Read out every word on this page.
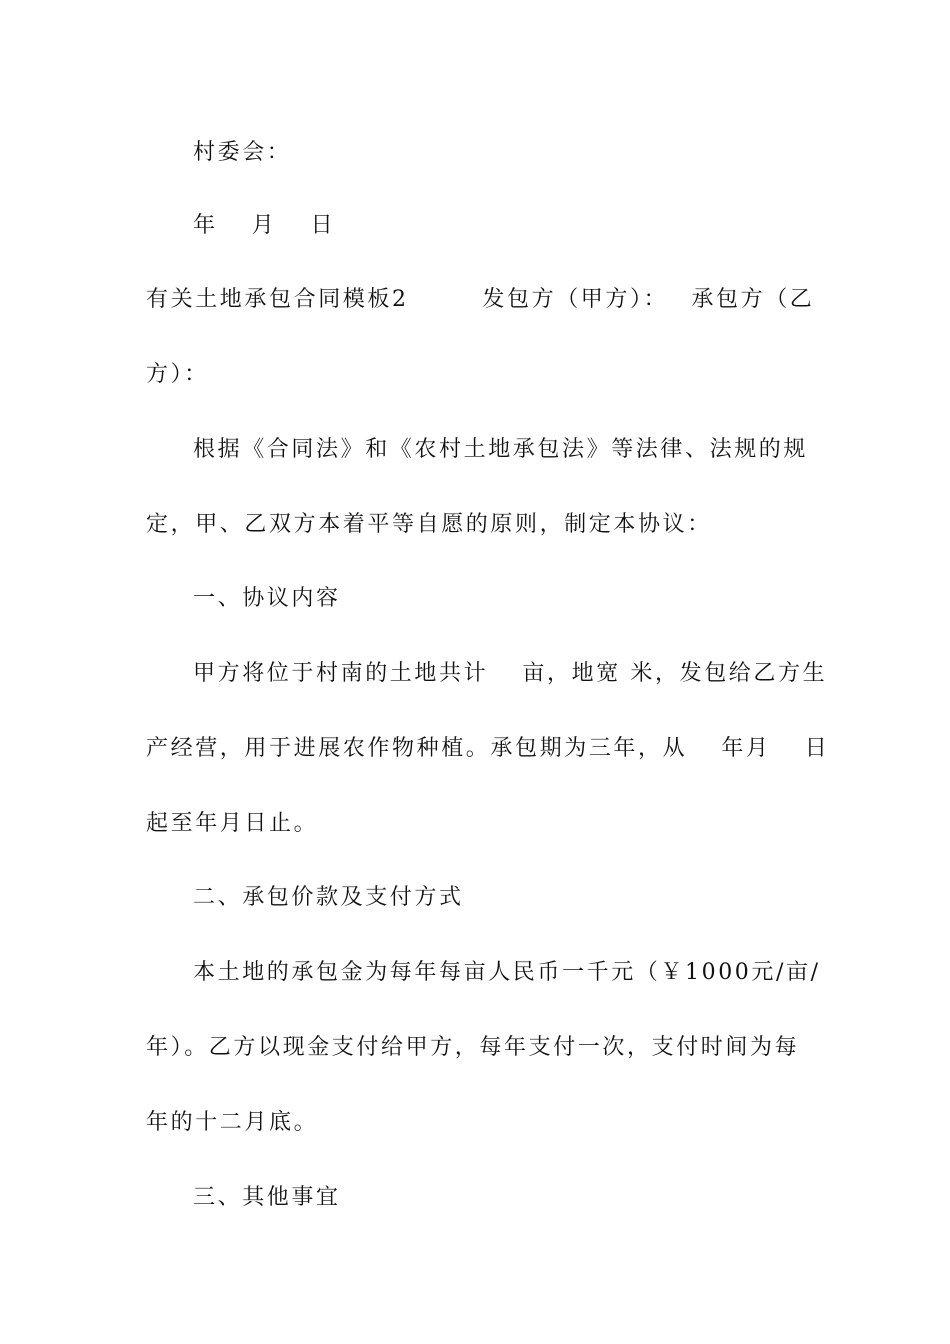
村委会：
年　 月　 日
有关土地承包合同模板2　　　发包方（甲方）：　 承包方（乙
方）：
根据《合同法》和《农村土地承包法》等法律、法规的规
定，甲、乙双方本着平等自愿的原则，制定本协议：
一、协议内容
甲方将位于村南的土地共计　 亩，地宽 米，发包给乙方生
产经营，用于进展农作物种植。承包期为三年，从　 年月　 日
起至年月日止。
二、承包价款及支付方式
本土地的承包金为每年每亩人民币一千元（￥1000元/亩/
年）。乙方以现金支付给甲方，每年支付一次，支付时间为每
年的十二月底。
三、其他事宜
